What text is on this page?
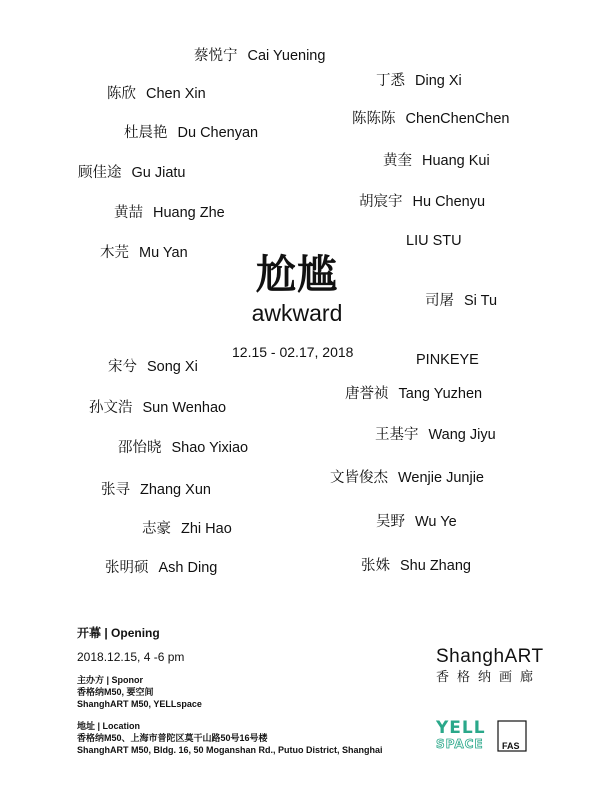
蔡悦宁 Cai Yuening
丁悉 Ding Xi
陈欣 Chen Xin
陈陈陈 ChenChenChen
杜晨艳 Du Chenyan
黄奎 Huang Kui
顾佳途 Gu Jiatu
胡宸宇 Hu Chenyu
黄喆 Huang Zhe
LIU STU
木芫 Mu Yan
司屠 Si Tu
PINKEYE
宋兮 Song Xi
唐誉祯 Tang Yuzhen
孙文浩 Sun Wenhao
王基宇 Wang Jiyu
邵怡晓 Shao Yixiao
文皆俊杰 Wenjie Junjie
张寻 Zhang Xun
吴野 Wu Ye
志豪 Zhi Hao
张明硕 Ash Ding	张姝 Shu Zhang
尬尴
awkward
12.15 - 02.17, 2018
开幕 | Opening
2018.12.15, 4 -6 pm
主办方 | Sponor
香格纳M50, 要空间
ShanghART M50, YELLspace
地址 | Location
香格纳M50、上海市普陀区莫干山路50号16号楼
ShanghART M50, Bldg. 16, 50 Moganshan Rd., Putuo District, Shanghai
ShanghART
香格纳画廊
YELL
SPACE FAS
